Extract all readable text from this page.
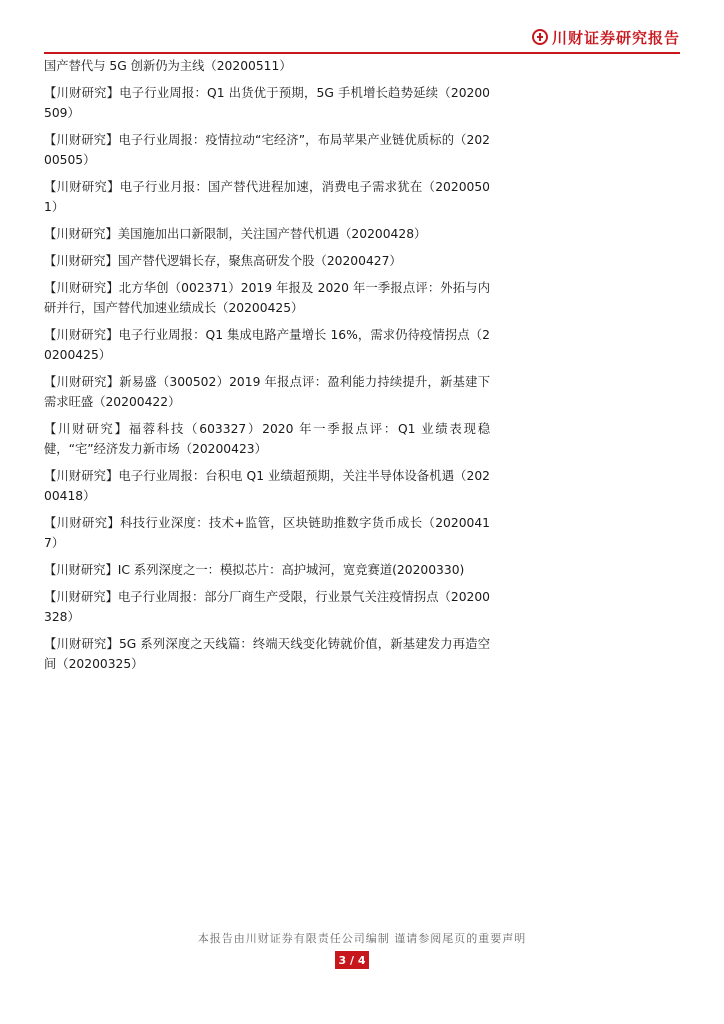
川财证券研究报告

国产替代与 5G 创新仍为主线（20200511）

【川财研究】电子行业周报：Q1 出货优于预期，5G 手机增长趋势延续（20200509）

【川财研究】电子行业周报：疫情拉动“宅经济”，布局苹果产业链优质标的（20200505）

【川财研究】电子行业月报：国产替代进程加速，消费电子需求犹在（20200501）

【川财研究】美国施加出口新限制，关注国产替代机遇（20200428）

【川财研究】国产替代逻辑长存，聚焦高研发个股（20200427）

【川财研究】北方华创（002371）2019 年报及 2020 年一季报点评：外拓与内研并行，国产替代加速业绩成长（20200425）

【川财研究】电子行业周报：Q1 集成电路产量增长 16%，需求仍待疫情拐点（20200425）

【川财研究】新易盛（300502）2019 年报点评：盈利能力持续提升，新基建下需求旺盛（20200422）

【川财研究】福蓉科技（603327）2020 年一季报点评：Q1 业绩表现稳健，“宅”经济发力新市场（20200423）

【川财研究】电子行业周报：台积电 Q1 业绩超预期，关注半导体设备机遇（20200418）

【川财研究】科技行业深度：技术+监管，区块链助推数字货币成长（20200417）

【川财研究】IC 系列深度之一：模拟芯片：高护城河，宽竞赛道(20200330)

【川财研究】电子行业周报：部分厂商生产受限，行业景气关注疫情拐点（20200328）

【川财研究】5G 系列深度之天线篇：终端天线变化铸就价值，新基建发力再造空间（20200325）

本报告由川财证券有限责任公司编制 谨请参阅尾页的重要声明
3 / 4
